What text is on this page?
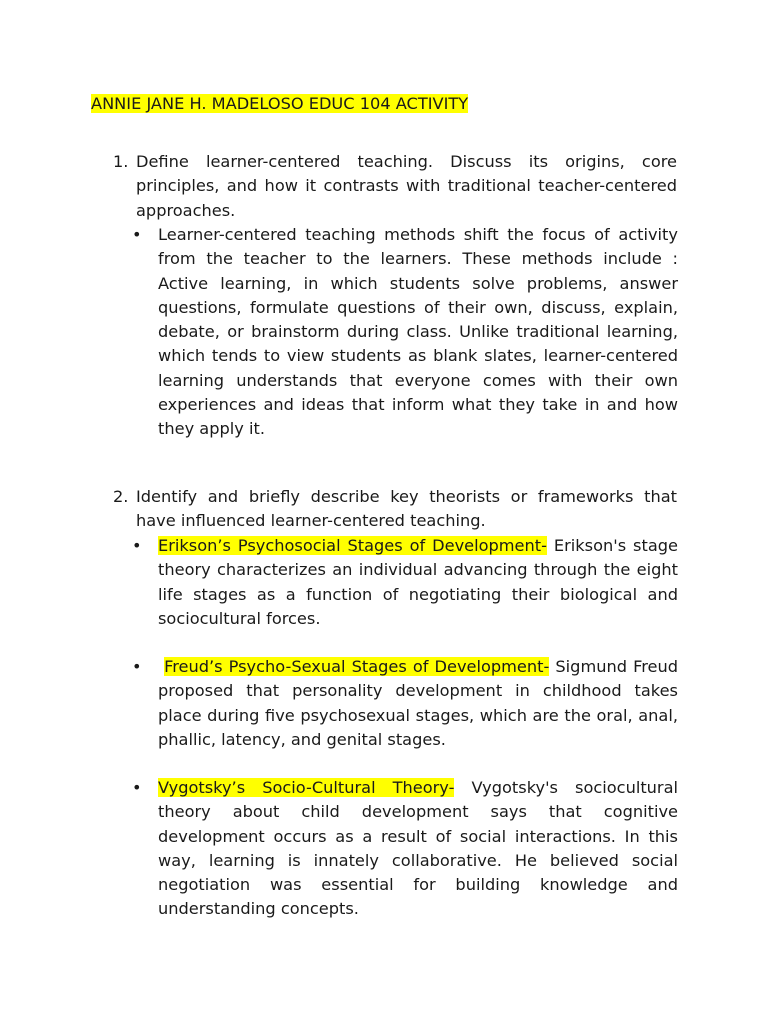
ANNIE JANE H. MADELOSO EDUC 104 ACTIVITY
1. Define learner-centered teaching. Discuss its origins, core principles, and how it contrasts with traditional teacher-centered approaches.

•	Learner-centered teaching methods shift the focus of activity from the teacher to the learners. These methods include : Active learning, in which students solve problems, answer questions, formulate questions of their own, discuss, explain, debate, or brainstorm during class. Unlike traditional learning, which tends to view students as blank slates, learner-centered learning understands that everyone comes with their own experiences and ideas that inform what they take in and how they apply it.

2. Identify and briefly describe key theorists or frameworks that have influenced learner-centered teaching.

•	Erikson’s Psychosocial Stages of Development- Erikson's stage theory characterizes an individual advancing through the eight life stages as a function of negotiating their biological and sociocultural forces.

•	Freud’s Psycho-Sexual Stages of Development- Sigmund Freud proposed that personality development in childhood takes place during five psychosexual stages, which are the oral, anal, phallic, latency, and genital stages.

•	Vygotsky’s Socio-Cultural Theory- Vygotsky's sociocultural theory about child development says that cognitive development occurs as a result of social interactions. In this way, learning is innately collaborative. He believed social negotiation was essential for building knowledge and understanding concepts.
